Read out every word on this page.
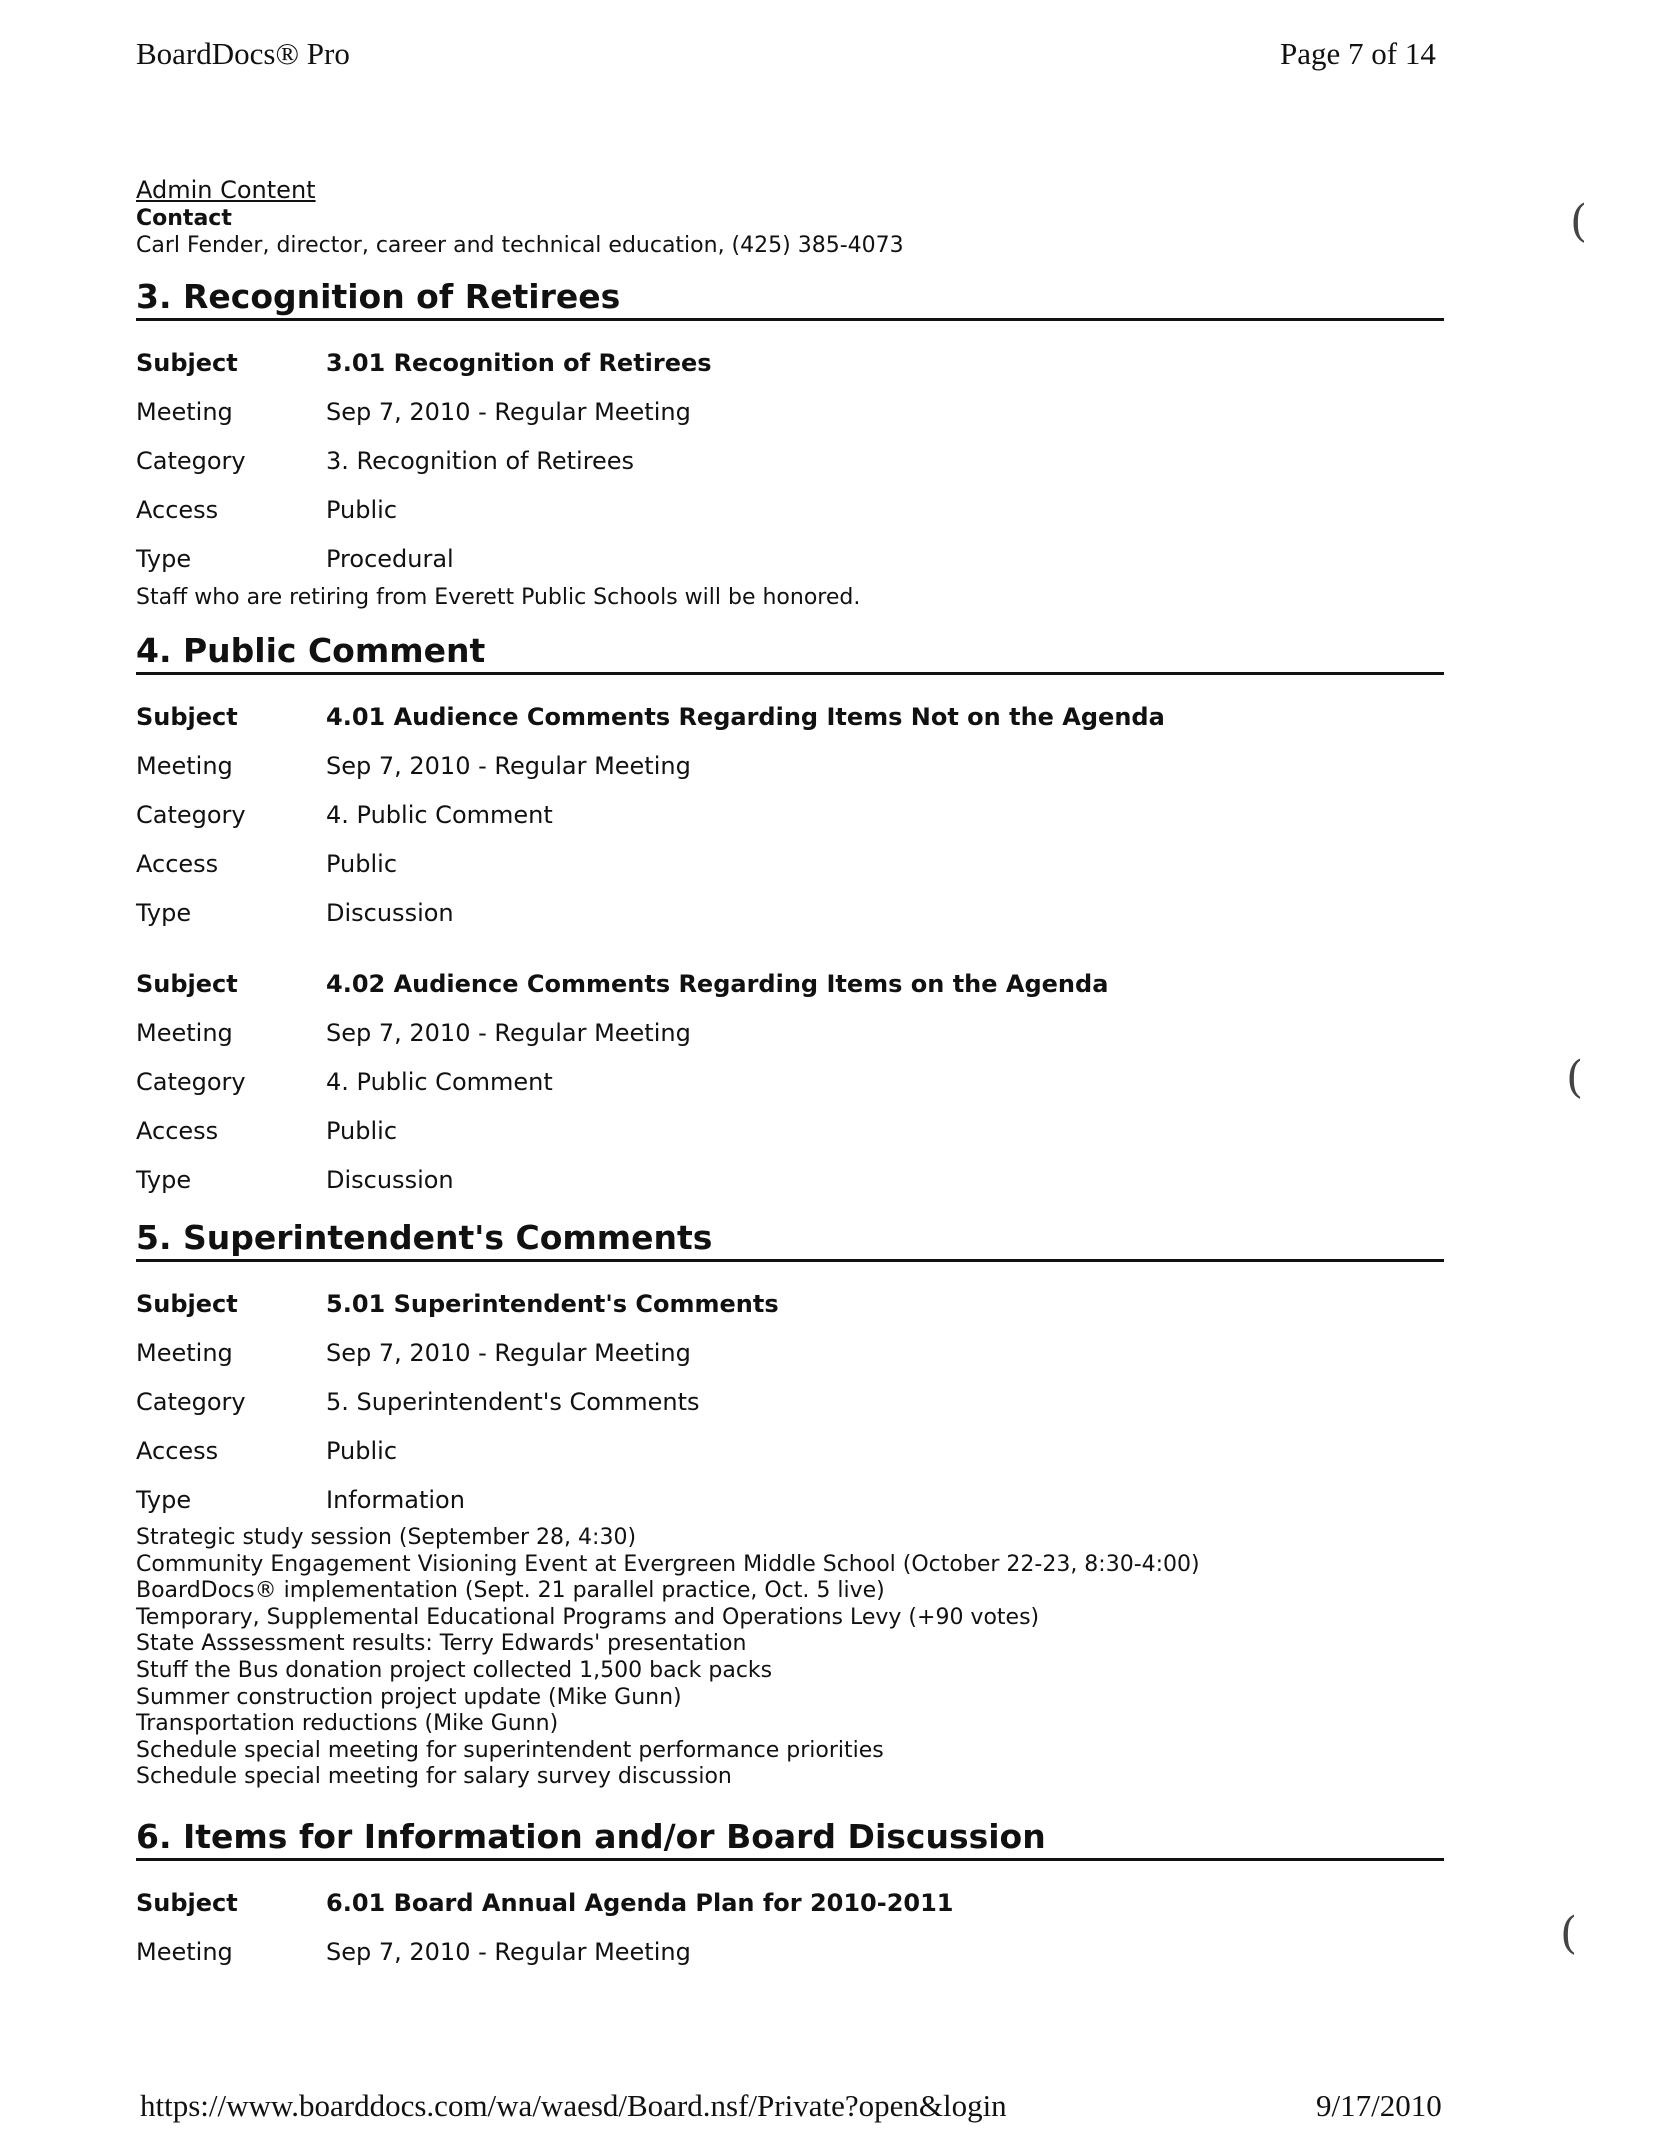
BoardDocs® Pro	Page 7 of 14
Admin Content
Contact
Carl Fender, director, career and technical education, (425) 385-4073
3. Recognition of Retirees
Subject	3.01 Recognition of Retirees
Meeting	Sep 7, 2010 - Regular Meeting
Category	3. Recognition of Retirees
Access	Public
Type	Procedural
Staff who are retiring from Everett Public Schools will be honored.
4. Public Comment
Subject	4.01 Audience Comments Regarding Items Not on the Agenda
Meeting	Sep 7, 2010 - Regular Meeting
Category	4. Public Comment
Access	Public
Type	Discussion
Subject	4.02 Audience Comments Regarding Items on the Agenda
Meeting	Sep 7, 2010 - Regular Meeting
Category	4. Public Comment
Access	Public
Type	Discussion
5. Superintendent's Comments
Subject	5.01 Superintendent's Comments
Meeting	Sep 7, 2010 - Regular Meeting
Category	5. Superintendent's Comments
Access	Public
Type	Information
Strategic study session (September 28, 4:30)
Community Engagement Visioning Event at Evergreen Middle School (October 22-23, 8:30-4:00)
BoardDocs® implementation (Sept. 21 parallel practice, Oct. 5 live)
Temporary, Supplemental Educational Programs and Operations Levy (+90 votes)
State Asssessment results: Terry Edwards' presentation
Stuff the Bus donation project collected 1,500 back packs
Summer construction project update (Mike Gunn)
Transportation reductions (Mike Gunn)
Schedule special meeting for superintendent performance priorities
Schedule special meeting for salary survey discussion
6. Items for Information and/or Board Discussion
Subject	6.01 Board Annual Agenda Plan for 2010-2011
Meeting	Sep 7, 2010 - Regular Meeting
(
(
(
https://www.boarddocs.com/wa/waesd/Board.nsf/Private?open&login	9/17/2010
